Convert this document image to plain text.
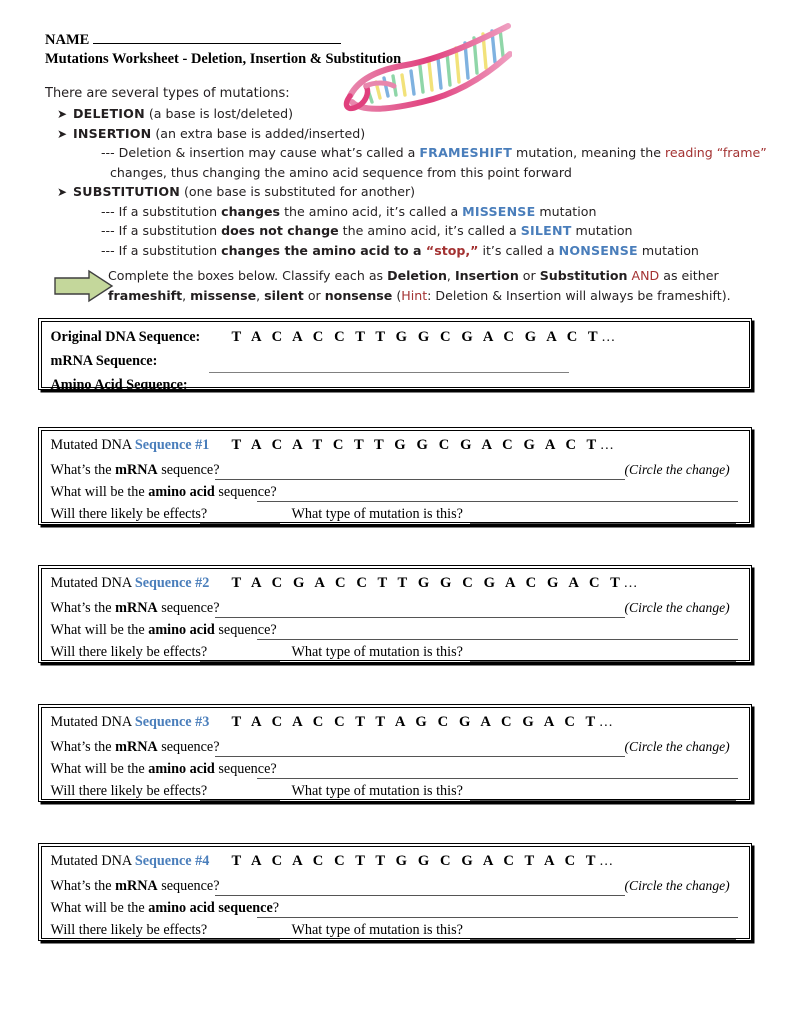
NAME
Mutations Worksheet - Deletion, Insertion & Substitution
There are several types of mutations:
➤ DELETION (a base is lost/deleted)
➤ INSERTION (an extra base is added/inserted)
--- Deletion & insertion may cause what’s called a FRAMESHIFT mutation, meaning the reading “frame”
changes, thus changing the amino acid sequence from this point forward
➤ SUBSTITUTION (one base is substituted for another)
--- If a substitution changes the amino acid, it’s called a MISSENSE mutation
--- If a substitution does not change the amino acid, it’s called a SILENT mutation
--- If a substitution changes the amino acid to a “stop,” it’s called a NONSENSE mutation
Complete the boxes below. Classify each as Deletion, Insertion or Substitution AND as either
frameshift, missense, silent or nonsense (Hint: Deletion & Insertion will always be frameshift).
Original DNA Sequence: T A C A C C T T G G C G A C G A C T…
mRNA Sequence:
Amino Acid Sequence:
Mutated DNA Sequence #1 T A C A T C T T G G C G A C G A C T…
What’s the mRNA sequence?	(Circle the change)
What will be the amino acid sequence?
Will there likely be effects?	What type of mutation is this?
Mutated DNA Sequence #2 T A C G A C C T T G G C G A C G A C T…
What’s the mRNA sequence?	(Circle the change)
What will be the amino acid sequence?
Will there likely be effects?	What type of mutation is this?
Mutated DNA Sequence #3 T A C A C C T T A G C G A C G A C T…
What’s the mRNA sequence?	(Circle the change)
What will be the amino acid sequence?
Will there likely be effects?	What type of mutation is this?
Mutated DNA Sequence #4 T A C A C C T T G G C G A C T A C T…
What’s the mRNA sequence?	(Circle the change)
What will be the amino acid sequence?
Will there likely be effects?	What type of mutation is this?
